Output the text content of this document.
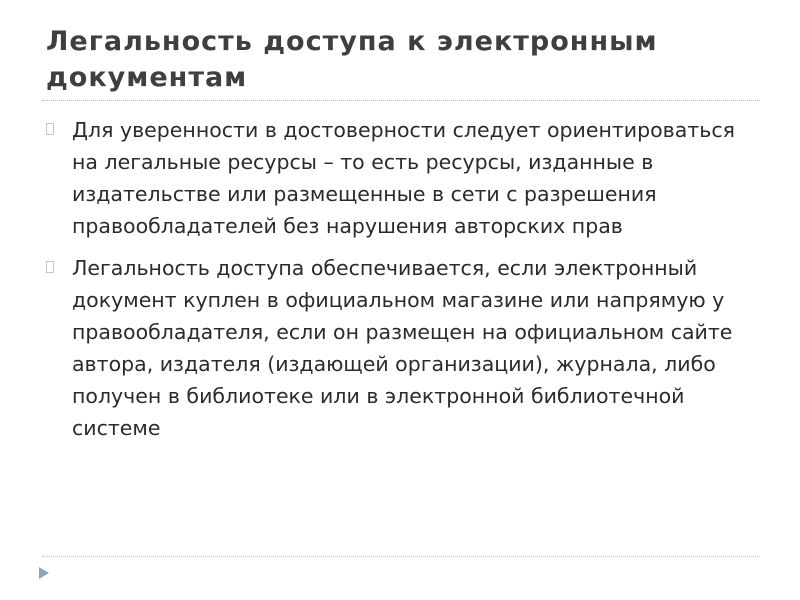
Легальность доступа к электронным документам
Для уверенности в достоверности следует ориентироваться на легальные ресурсы – то есть ресурсы, изданные в издательстве или размещенные в сети с разрешения правообладателей без нарушения авторских прав
Легальность доступа обеспечивается, если электронный документ куплен в официальном магазине или напрямую у правообладателя, если он размещен на официальном сайте автора, издателя (издающей организации), журнала, либо получен в библиотеке или в электронной библиотечной системе
